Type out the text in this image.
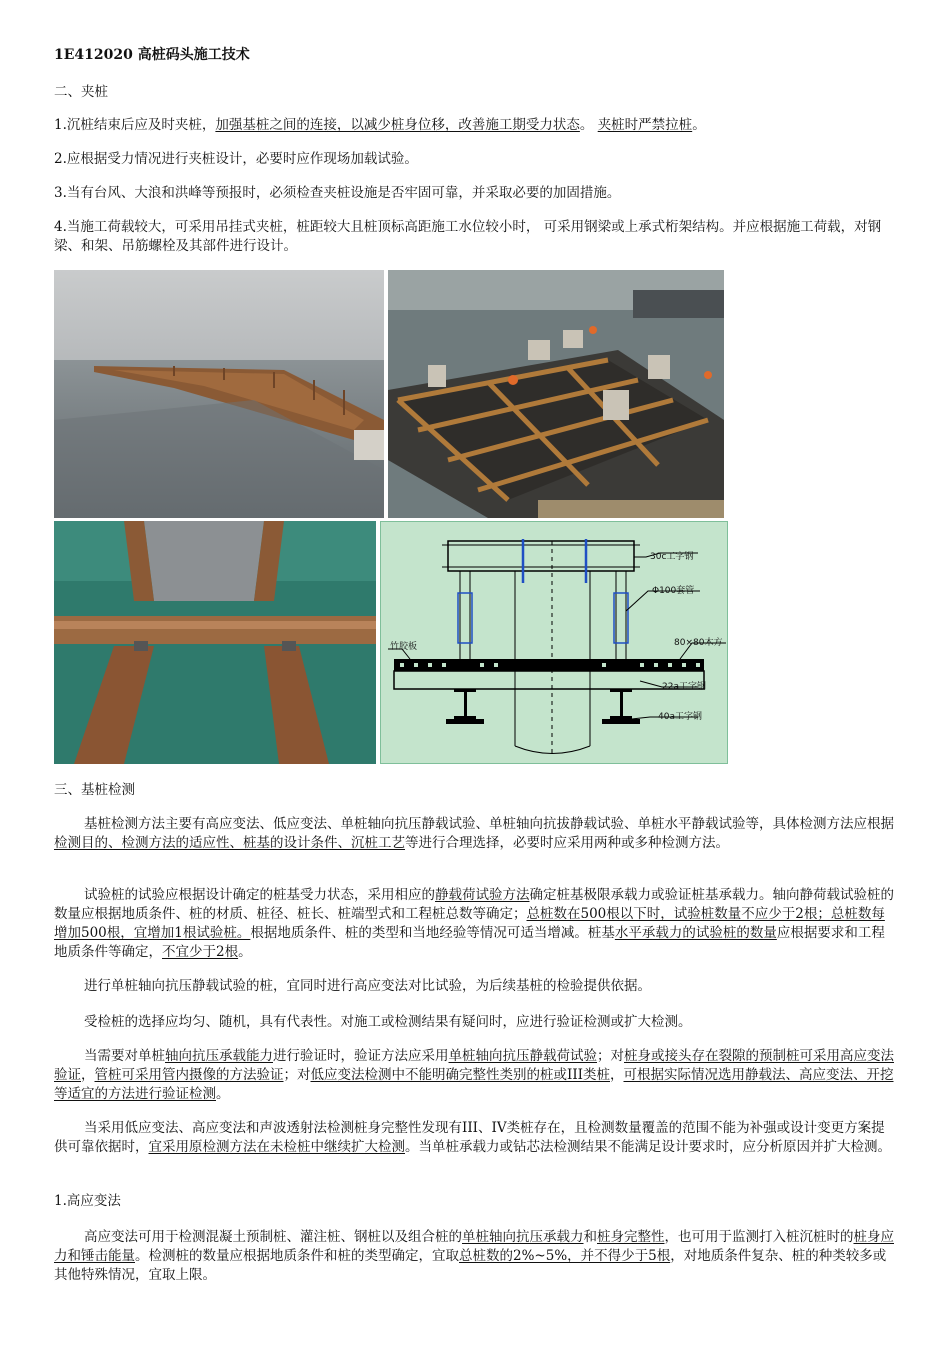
1E412020 高桩码头施工技术
二、夹桩
1.沉桩结束后应及时夹桩，加强基桩之间的连接，以减少桩身位移，改善施工期受力状态。 夹桩时严禁拉桩。
2.应根据受力情况进行夹桩设计，必要时应作现场加载试验。
3.当有台风、大浪和洪峰等预报时，必须检查夹桩设施是否牢固可靠，并采取必要的加固措施。
4.当施工荷载较大，可采用吊挂式夹桩，桩距较大且桩顶标高距施工水位较小时， 可采用钢梁或上承式桁架结构。并应根据施工荷载，对钢梁、和架、吊筋螺栓及其部件进行设计。
30c工字钢
Φ100套管
竹胶板	80×80木方
22a工字钢
40a工字钢
三、基桩检测
基桩检测方法主要有高应变法、低应变法、单桩轴向抗压静载试验、单桩轴向抗拔静载试验、单桩水平静载试验等，具体检测方法应根据检测目的、检测方法的适应性、桩基的设计条件、沉桩工艺等进行合理选择，必要时应采用两种或多种检测方法。
试验桩的试验应根据设计确定的桩基受力状态，采用相应的静载荷试验方法确定桩基极限承载力或验证桩基承载力。轴向静荷载试验桩的数量应根据地质条件、桩的材质、桩径、桩长、桩端型式和工程桩总数等确定；总桩数在500根以下时，试验桩数量不应少于2根；总桩数每增加500根，宜增加1根试验桩。根据地质条件、桩的类型和当地经验等情况可适当增减。桩基水平承载力的试验桩的数量应根据要求和工程地质条件等确定，不宜少于2根。
进行单桩轴向抗压静载试验的桩，宜同时进行高应变法对比试验，为后续基桩的检验提供依据。
受检桩的选择应均匀、随机，具有代表性。对施工或检测结果有疑问时，应进行验证检测或扩大检测。
当需要对单桩轴向抗压承载能力进行验证时，验证方法应采用单桩轴向抗压静载荷试验；对桩身或接头存在裂隙的预制桩可采用高应变法验证，管桩可采用管内摄像的方法验证；对低应变法检测中不能明确完整性类别的桩或III类桩，可根据实际情况选用静载法、高应变法、开挖等适宜的方法进行验证检测。
当采用低应变法、高应变法和声波透射法检测桩身完整性发现有III、IV类桩存在，且检测数量覆盖的范围不能为补强或设计变更方案提供可靠依据时，宜采用原检测方法在未检桩中继续扩大检测。当单桩承载力或钻芯法检测结果不能满足设计要求时，应分析原因并扩大检测。
1.高应变法
高应变法可用于检测混凝土预制桩、灌注桩、钢桩以及组合桩的单桩轴向抗压承载力和桩身完整性，也可用于监测打入桩沉桩时的桩身应力和锤击能量。检测桩的数量应根据地质条件和桩的类型确定，宜取总桩数的2%~5%，并不得少于5根，对地质条件复杂、桩的种类较多或其他特殊情况，宜取上限。
